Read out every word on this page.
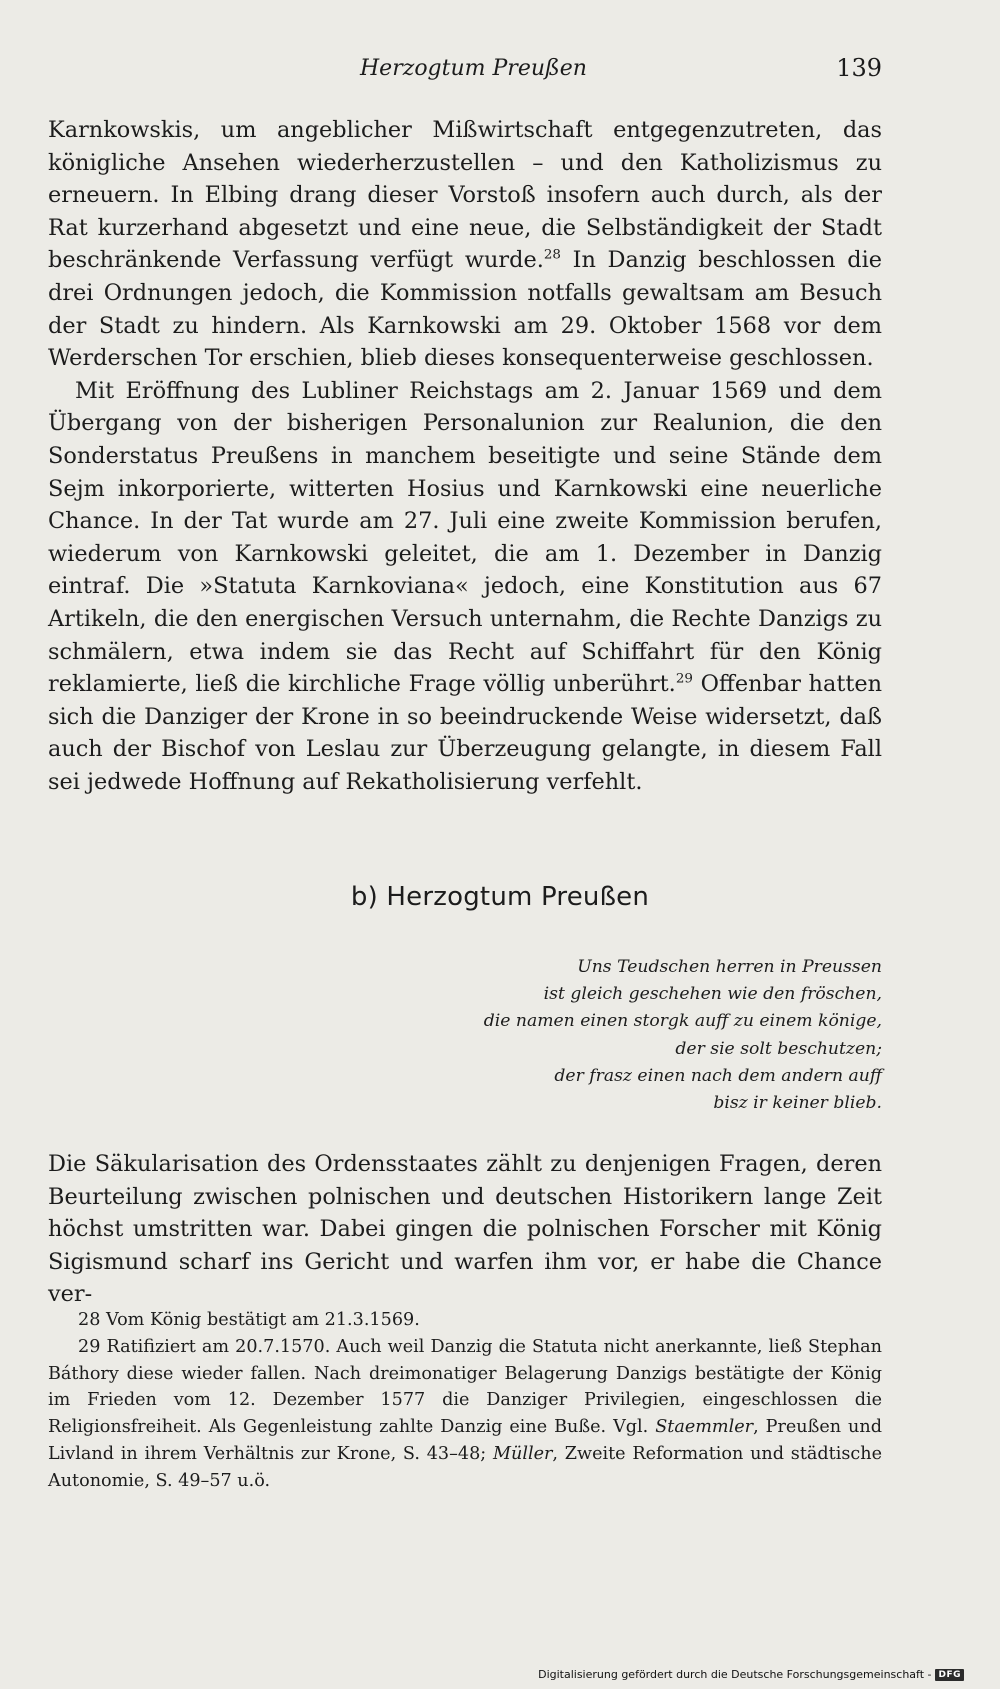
Herzogtum Preußen	139

Karnkowskis, um angeblicher Mißwirtschaft entgegenzutreten, das königliche Ansehen wiederherzustellen – und den Katholizismus zu erneuern. In Elbing drang dieser Vorstoß insofern auch durch, als der Rat kurzerhand abgesetzt und eine neue, die Selbständigkeit der Stadt beschränkende Verfassung verfügt wurde.$^{28}$ In Danzig beschlossen die drei Ordnungen jedoch, die Kommission notfalls gewaltsam am Besuch der Stadt zu hindern. Als Karnkowski am 29. Oktober 1568 vor dem Werderschen Tor erschien, blieb dieses konsequenterweise geschlossen.

Mit Eröffnung des Lubliner Reichstags am 2. Januar 1569 und dem Übergang von der bisherigen Personalunion zur Realunion, die den Sonderstatus Preußens in manchem beseitigte und seine Stände dem Sejm inkorporierte, witterten Hosius und Karnkowski eine neuerliche Chance. In der Tat wurde am 27. Juli eine zweite Kommission berufen, wiederum von Karnkowski geleitet, die am 1. Dezember in Danzig eintraf. Die »Statuta Karnkoviana« jedoch, eine Konstitution aus 67 Artikeln, die den energischen Versuch unternahm, die Rechte Danzigs zu schmälern, etwa indem sie das Recht auf Schiffahrt für den König reklamierte, ließ die kirchliche Frage völlig unberührt.$^{29}$ Offenbar hatten sich die Danziger der Krone in so beeindruckende Weise widersetzt, daß auch der Bischof von Leslau zur Überzeugung gelangte, in diesem Fall sei jedwede Hoffnung auf Rekatholisierung verfehlt.

b) Herzogtum Preußen
Uns Teudschen herren in Preussen
ist gleich geschehen wie den fröschen,
die namen einen storgk auff zu einem könige,
der sie solt beschutzen;
der frasz einen nach dem andern auff
bisz ir keiner blieb.

Die Säkularisation des Ordensstaates zählt zu denjenigen Fragen, deren Beurteilung zwischen polnischen und deutschen Historikern lange Zeit höchst umstritten war. Dabei gingen die polnischen Forscher mit König Sigismund scharf ins Gericht und warfen ihm vor, er habe die Chance ver-

28 Vom König bestätigt am 21.3.1569.

29 Ratifiziert am 20.7.1570. Auch weil Danzig die Statuta nicht anerkannte, ließ Stephan Báthory diese wieder fallen. Nach dreimonatiger Belagerung Danzigs bestätigte der König im Frieden vom 12. Dezember 1577 die Danziger Privilegien, eingeschlossen die Religionsfreiheit. Als Gegenleistung zahlte Danzig eine Buße. Vgl. Staemmler, Preußen und Livland in ihrem Verhältnis zur Krone, S. 43–48; Müller, Zweite Reformation und städtische Autonomie, S. 49–57 u.ö.

Digitalisierung gefördert durch die Deutsche Forschungsgemeinschaft - DFG
